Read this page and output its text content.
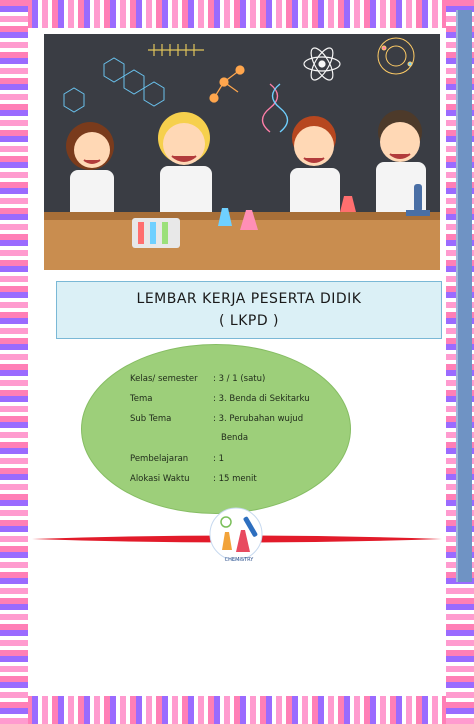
LEMBAR KERJA PESERTA DIDIK
( LKPD )
Kelas/ semester : 3 / 1 (satu)
Tema	: 3. Benda di Sekitarku
Sub Tema	: 3. Perubahan wujud
Benda
Pembelajaran	: 1
Alokasi Waktu	: 15 menit
CHEMISTRY
